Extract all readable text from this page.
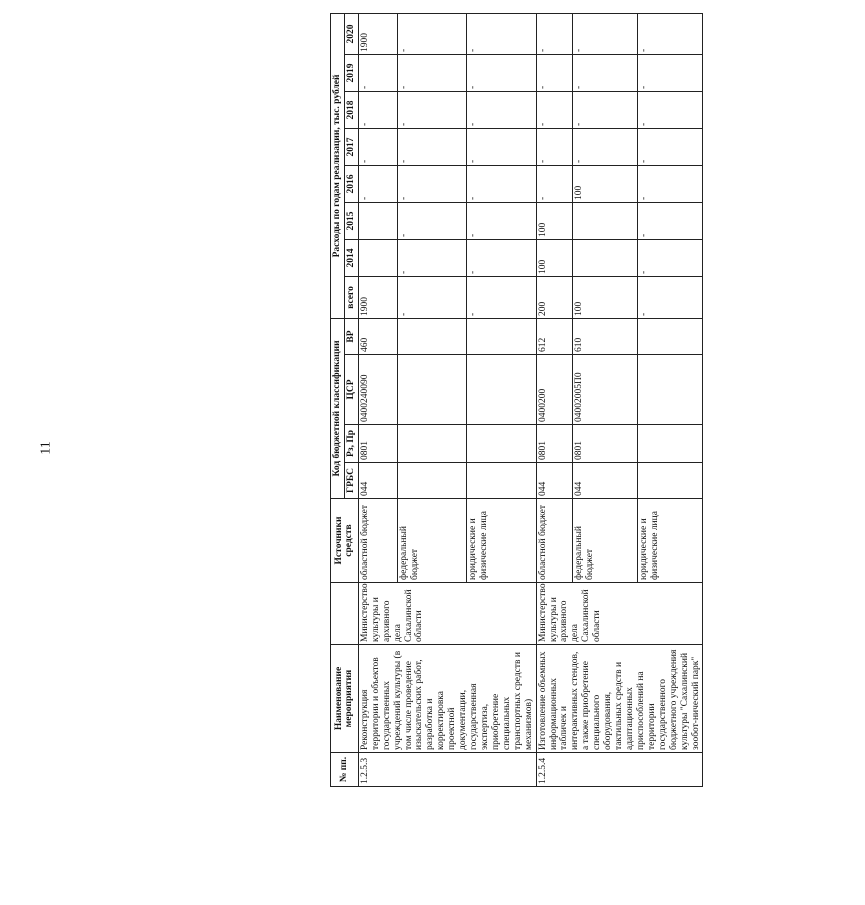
11
№ пп.	Наименование мероприятия		Источники средств	Код бюджетной классификации				Расходы по годам реализации, тыс. рублей							
				ГРБС	Рз, Пр	ЦСР	ВР	всего	2014	2015	2016	2017	2018	2019	2020
1.2.5.3	Реконструкция территории и объектов государственных учреждений культуры (в том числе проведение изыскательских работ, разработка и корректировка проектной документации, государственная экспертиза, приобретение специальных транспортных средств и механизмов)	Министерство культуры и архивного дела Сахалинской области	областной бюджет	044	0801	0400240090	460	1900			-	-	-	-	1900
			федеральный бюджет					-	-	-	-	-	-	-	-
			юридические и физические лица					-	-	-	-	-	-	-	-
1.2.5.4	Изготовление объемных информационных табличек и интерактивных стендов, а также приобретение специального оборудования, тактильных средств и адаптационных приспособлений на территории государственного бюджетного учреждения культуры "Сахалинский зообот-нический парк"	Министерство культуры и архивного дела Сахалинской области	областной бюджет	044	0801	0400200	612	200	100	100	-	-	-	-	-
			федеральный бюджет	044	0801	04002005П0	610	100			100	-	-	-	-
			юридические и физические лица					-	-	-	-	-	-	-	-
